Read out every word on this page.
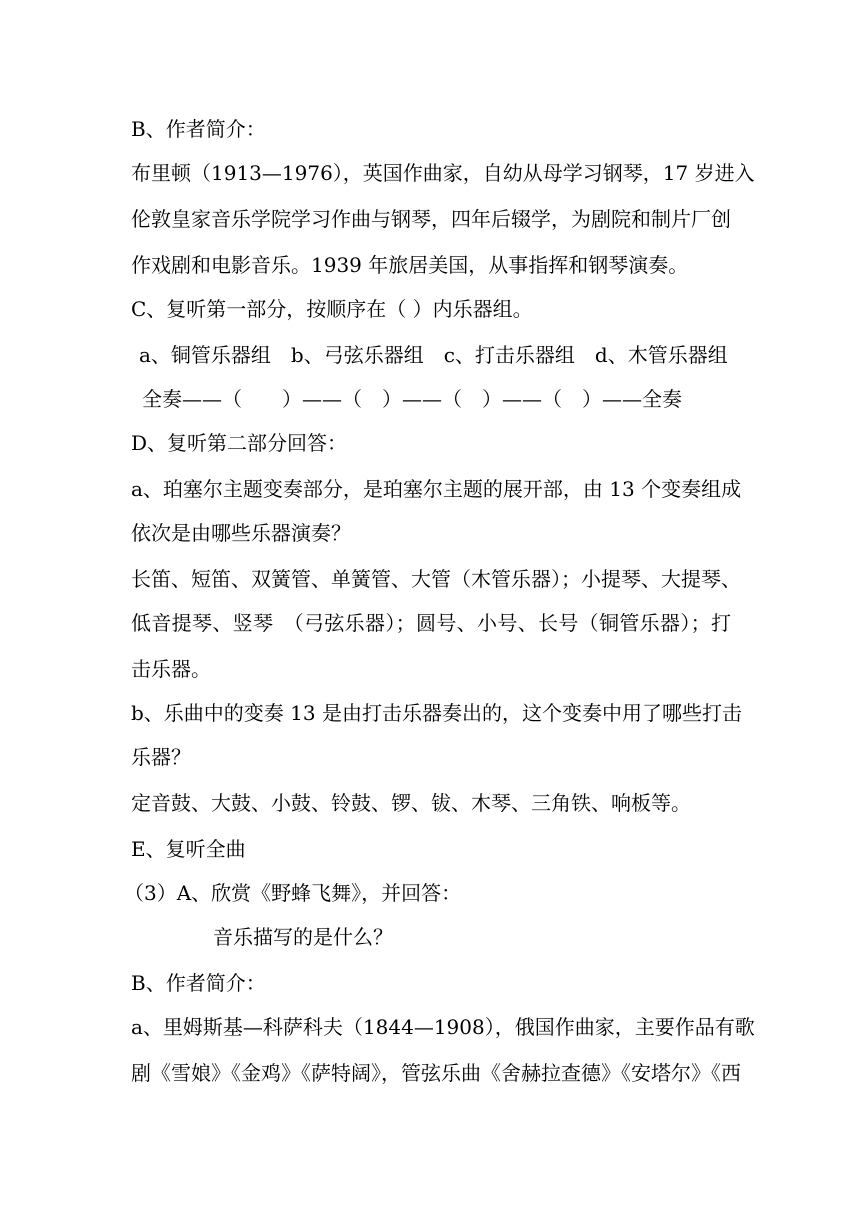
B、作者简介：
布里顿（1913—1976），英国作曲家，自幼从母学习钢琴，17 岁进入
伦敦皇家音乐学院学习作曲与钢琴，四年后辍学，为剧院和制片厂创
作戏剧和电影音乐。1939 年旅居美国，从事指挥和钢琴演奏。
C、复听第一部分，按顺序在（ ）内乐器组。
a、铜管乐器组　b、弓弦乐器组　c、打击乐器组　d、木管乐器组
全奏——（　　）——（　）——（　）——（　）——全奏
D、复听第二部分回答：
a、珀塞尔主题变奏部分，是珀塞尔主题的展开部，由 13 个变奏组成
依次是由哪些乐器演奏？
长笛、短笛、双簧管、单簧管、大管（木管乐器）；小提琴、大提琴、
低音提琴、竖琴　（弓弦乐器）；圆号、小号、长号（铜管乐器）；打
击乐器。
b、乐曲中的变奏 13 是由打击乐器奏出的，这个变奏中用了哪些打击
乐器？
定音鼓、大鼓、小鼓、铃鼓、锣、钹、木琴、三角铁、响板等。
E、复听全曲
（3）A、欣赏《野蜂飞舞》，并回答：
音乐描写的是什么？
B、作者简介：
a、里姆斯基—科萨科夫（1844—1908），俄国作曲家，主要作品有歌
剧《雪娘》《金鸡》《萨特阔》，管弦乐曲《舍赫拉查德》《安塔尔》《西
